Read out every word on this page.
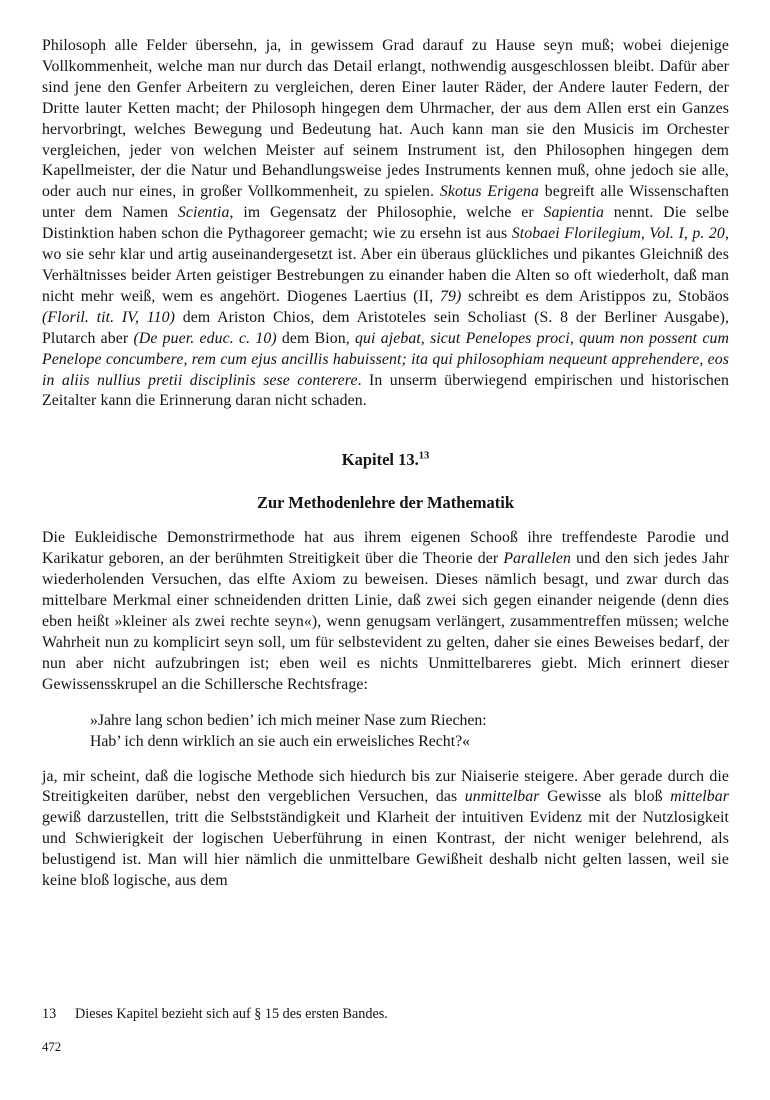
Philosoph alle Felder übersehn, ja, in gewissem Grad darauf zu Hause seyn muß; wobei diejenige Vollkommenheit, welche man nur durch das Detail erlangt, nothwendig ausgeschlossen bleibt. Dafür aber sind jene den Genfer Arbeitern zu vergleichen, deren Einer lauter Räder, der Andere lauter Federn, der Dritte lauter Ketten macht; der Philosoph hingegen dem Uhrmacher, der aus dem Allen erst ein Ganzes hervorbringt, welches Bewegung und Bedeutung hat. Auch kann man sie den Musicis im Orchester vergleichen, jeder von welchen Meister auf seinem Instrument ist, den Philosophen hingegen dem Kapellmeister, der die Natur und Behandlungsweise jedes Instruments kennen muß, ohne jedoch sie alle, oder auch nur eines, in großer Vollkommenheit, zu spielen. Skotus Erigena begreift alle Wissenschaften unter dem Namen Scientia, im Gegensatz der Philosophie, welche er Sapientia nennt. Die selbe Distinktion haben schon die Pythagoreer gemacht; wie zu ersehn ist aus Stobaei Florilegium, Vol. I, p. 20, wo sie sehr klar und artig auseinandergesetzt ist. Aber ein überaus glückliches und pikantes Gleichniß des Verhältnisses beider Arten geistiger Bestrebungen zu einander haben die Alten so oft wiederholt, daß man nicht mehr weiß, wem es angehört. Diogenes Laertius (II, 79) schreibt es dem Aristippos zu, Stobäos (Floril. tit. IV, 110) dem Ariston Chios, dem Aristoteles sein Scholiast (S. 8 der Berliner Ausgabe), Plutarch aber (De puer. educ. c. 10) dem Bion, qui ajebat, sicut Penelopes proci, quum non possent cum Penelope concumbere, rem cum ejus ancillis habuissent; ita qui philosophiam nequeunt apprehendere, eos in aliis nullius pretii disciplinis sese conterere. In unserm überwiegend empirischen und historischen Zeitalter kann die Erinnerung daran nicht schaden.

Kapitel 13.13
Zur Methodenlehre der Mathematik

Die Eukleidische Demonstrirmethode hat aus ihrem eigenen Schooß ihre treffendeste Parodie und Karikatur geboren, an der berühmten Streitigkeit über die Theorie der Parallelen und den sich jedes Jahr wiederholenden Versuchen, das elfte Axiom zu beweisen. Dieses nämlich besagt, und zwar durch das mittelbare Merkmal einer schneidenden dritten Linie, daß zwei sich gegen einander neigende (denn dies eben heißt »kleiner als zwei rechte seyn«), wenn genugsam verlängert, zusammentreffen müssen; welche Wahrheit nun zu komplicirt seyn soll, um für selbstevident zu gelten, daher sie eines Beweises bedarf, der nun aber nicht aufzubringen ist; eben weil es nichts Unmittelbareres giebt. Mich erinnert dieser Gewissensskrupel an die Schillersche Rechtsfrage:

»Jahre lang schon bedien’ ich mich meiner Nase zum Riechen:
Hab’ ich denn wirklich an sie auch ein erweisliches Recht?«

ja, mir scheint, daß die logische Methode sich hiedurch bis zur Niaiserie steigere. Aber gerade durch die Streitigkeiten darüber, nebst den vergeblichen Versuchen, das unmittelbar Gewisse als bloß mittelbar gewiß darzustellen, tritt die Selbstständigkeit und Klarheit der intuitiven Evidenz mit der Nutzlosigkeit und Schwierigkeit der logischen Ueberführung in einen Kontrast, der nicht weniger belehrend, als belustigend ist. Man will hier nämlich die unmittelbare Gewißheit deshalb nicht gelten lassen, weil sie keine bloß logische, aus dem

13 Dieses Kapitel bezieht sich auf § 15 des ersten Bandes.
472
